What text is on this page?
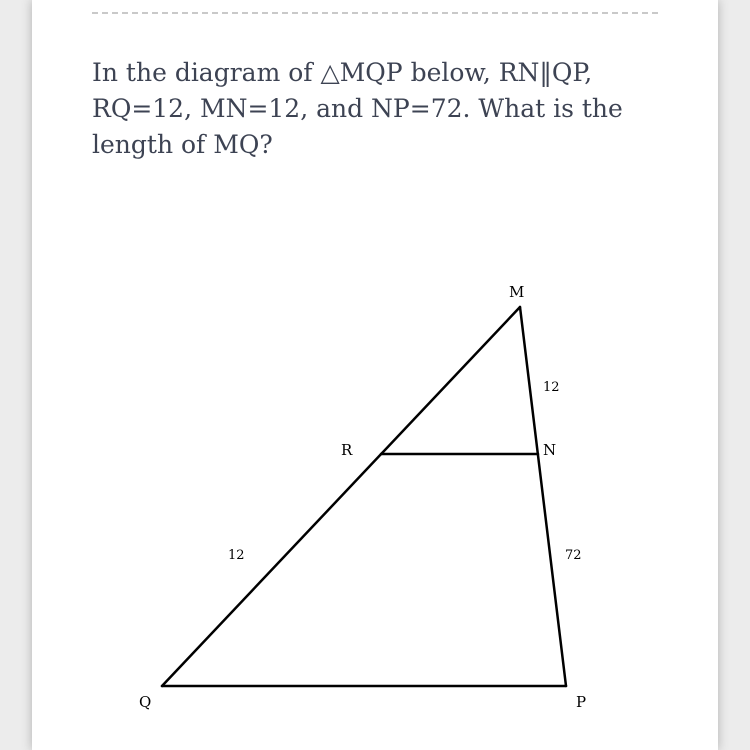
In the diagram of △MQP below, RN‖QP, RQ=12, MN=12, and NP=72. What is the length of MQ?

M
R	N
Q	P
12
12	72
